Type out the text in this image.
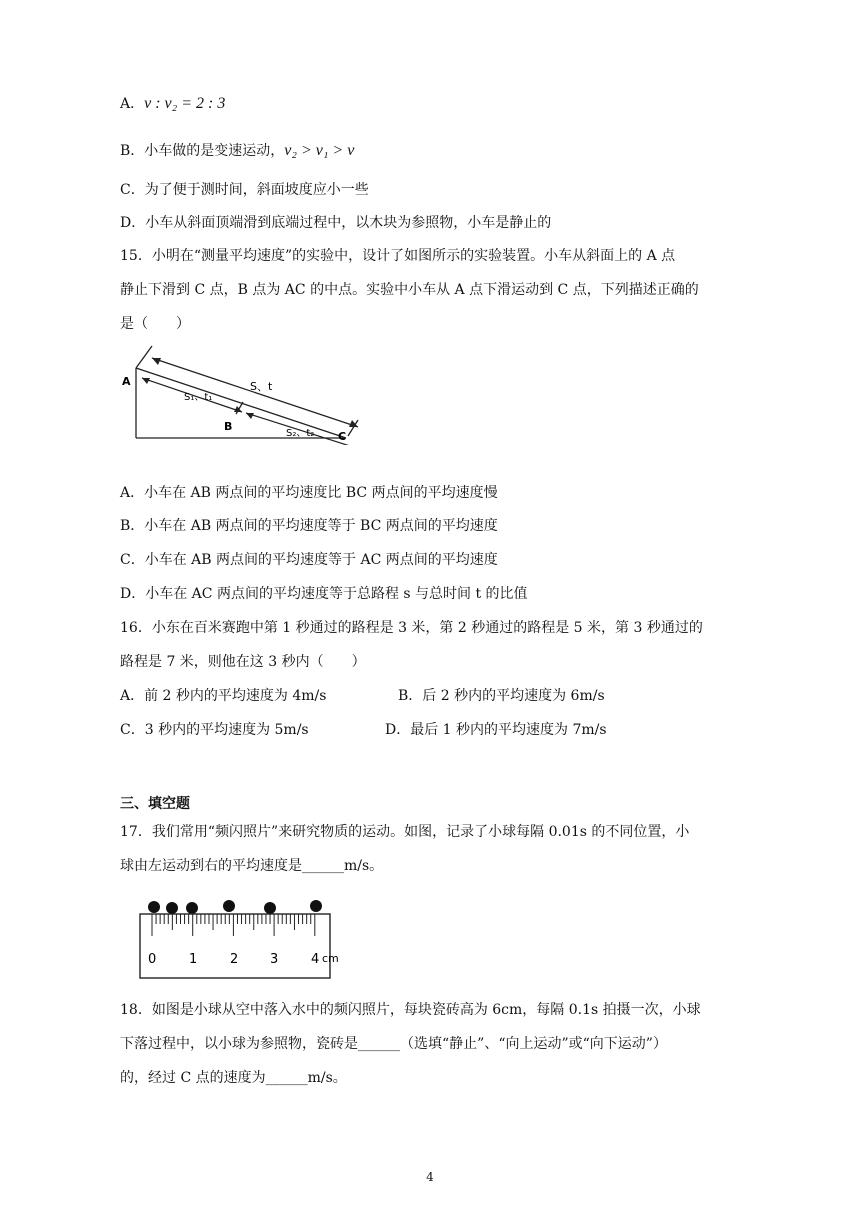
A．v : v₂ = 2 : 3
B．小车做的是变速运动，v₂ > v₁ > v
C．为了便于测时间，斜面坡度应小一些
D．小车从斜面顶端滑到底端过程中，以木块为参照物，小车是静止的
15．小明在“测量平均速度”的实验中，设计了如图所示的实验装置。小车从斜面上的 A 点
静止下滑到 C 点，B 点为 AC 的中点。实验中小车从 A 点下滑运动到 C 点，下列描述正确的
是（　　）
A
B
C
S、t
S₁、t₁
S₂、t₂
A．小车在 AB 两点间的平均速度比 BC 两点间的平均速度慢
B．小车在 AB 两点间的平均速度等于 BC 两点间的平均速度
C．小车在 AB 两点间的平均速度等于 AC 两点间的平均速度
D．小车在 AC 两点间的平均速度等于总路程 s 与总时间 t 的比值
16．小东在百米赛跑中第 1 秒通过的路程是 3 米，第 2 秒通过的路程是 5 米，第 3 秒通过的
路程是 7 米，则他在这 3 秒内（　　）
A．前 2 秒内的平均速度为 4m/s	B．后 2 秒内的平均速度为 6m/s
C．3 秒内的平均速度为 5m/s	D．最后 1 秒内的平均速度为 7m/s
三、填空题
17．我们常用“频闪照片”来研究物质的运动。如图，记录了小球每隔 0.01s 的不同位置，小
球由左运动到右的平均速度是______m/s。
0	1	2 3	4 cm
18．如图是小球从空中落入水中的频闪照片，每块瓷砖高为 6cm，每隔 0.1s 拍摄一次，小球
下落过程中，以小球为参照物，瓷砖是______（选填“静止”、“向上运动”或“向下运动”）
的，经过 C 点的速度为______m/s。
4
